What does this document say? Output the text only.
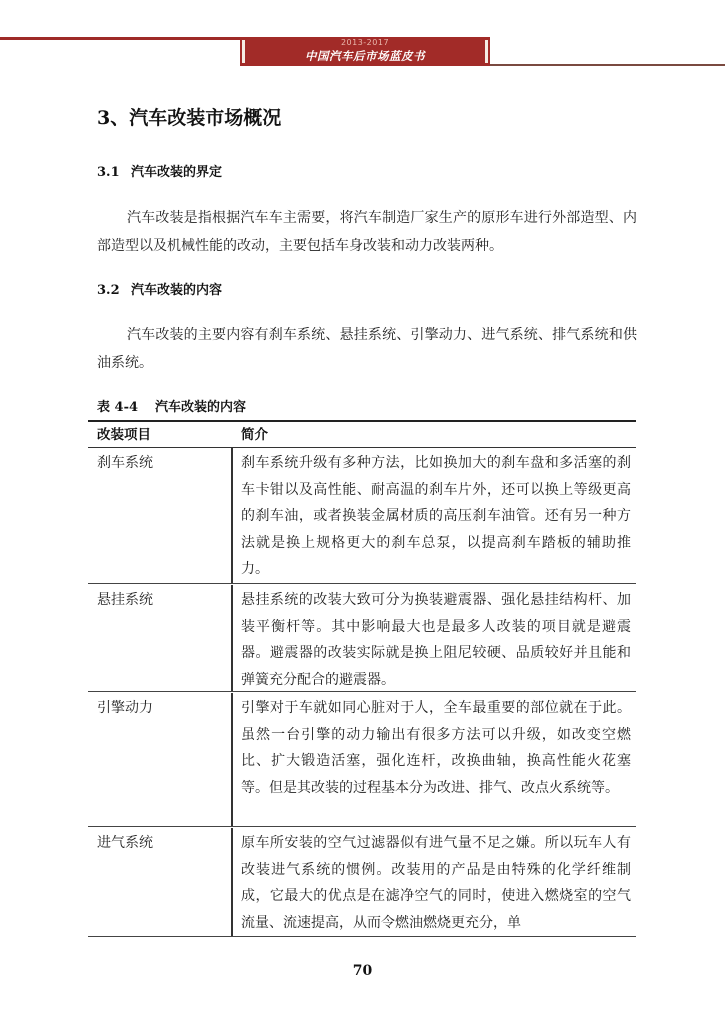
2013-2017
中国汽车后市场蓝皮书
3、汽车改装市场概况
3.1 汽车改装的界定
汽车改装是指根据汽车车主需要，将汽车制造厂家生产的原形车进行外部造型、内部造型以及机械性能的改动，主要包括车身改装和动力改装两种。
3.2 汽车改装的内容
汽车改装的主要内容有刹车系统、悬挂系统、引擎动力、进气系统、排气系统和供油系统。
表 4-4 汽车改装的内容
改装项目	简介
刹车系统	刹车系统升级有多种方法，比如换加大的刹车盘和多活塞的刹车卡钳以及高性能、耐高温的刹车片外，还可以换上等级更高的刹车油，或者换装金属材质的高压刹车油管。还有另一种方法就是换上规格更大的刹车总泵，以提高刹车踏板的辅助推力。
悬挂系统	悬挂系统的改装大致可分为换装避震器、强化悬挂结构杆、加装平衡杆等。其中影响最大也是最多人改装的项目就是避震器。避震器的改装实际就是换上阻尼较硬、品质较好并且能和弹簧充分配合的避震器。
引擎动力	引擎对于车就如同心脏对于人，全车最重要的部位就在于此。虽然一台引擎的动力输出有很多方法可以升级，如改变空燃比、扩大锻造活塞，强化连杆，改换曲轴，换高性能火花塞等。但是其改装的过程基本分为改进、排气、改点火系统等。
进气系统	原车所安装的空气过滤器似有进气量不足之嫌。所以玩车人有改装进气系统的惯例。改装用的产品是由特殊的化学纤维制成，它最大的优点是在滤净空气的同时，使进入燃烧室的空气流量、流速提高，从而令燃油燃烧更充分，单
70
